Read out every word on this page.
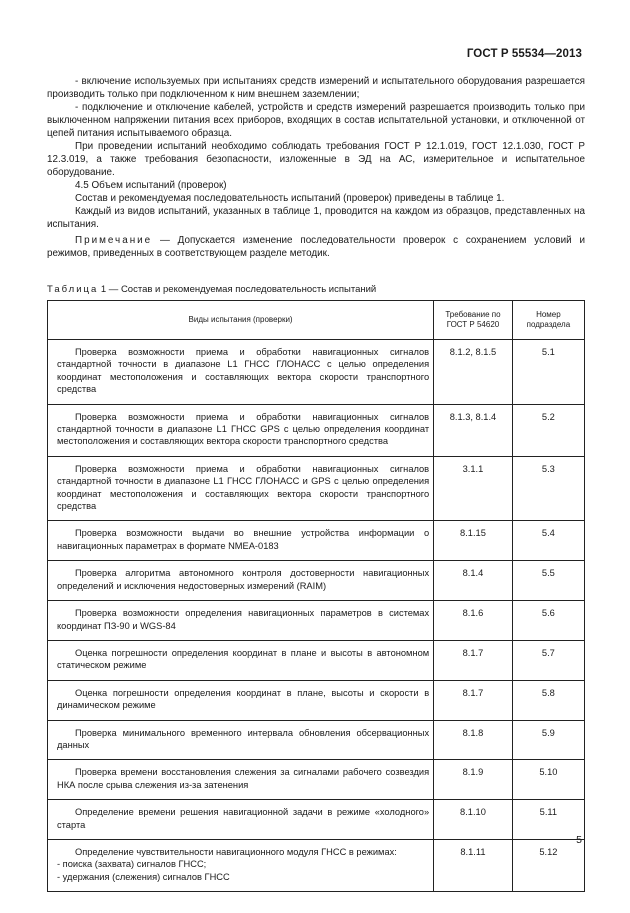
ГОСТ Р 55534—2013

- включение используемых при испытаниях средств измерений и испытательного оборудования разрешается производить только при подключенном к ним внешнем заземлении;

- подключение и отключение кабелей, устройств и средств измерений разрешается производить только при выключенном напряжении питания всех приборов, входящих в состав испытательной установки, и отключенной от цепей питания испытываемого образца.

При проведении испытаний необходимо соблюдать требования ГОСТ Р 12.1.019, ГОСТ 12.1.030, ГОСТ Р 12.3.019, а также требования безопасности, изложенные в ЭД на АС, измерительное и испытательное оборудование.

4.5 Объем испытаний (проверок)

Состав и рекомендуемая последовательность испытаний (проверок) приведены в таблице 1.

Каждый из видов испытаний, указанных в таблице 1, проводится на каждом из образцов, представленных на испытания.

Примечание — Допускается изменение последовательности проверок с сохранением условий и режимов, приведенных в соответствующем разделе методик.

Таблица 1 — Состав и рекомендуемая последовательность испытаний
Виды испытания (проверки)	Требование по ГОСТ Р 54620	Номер подраздела

Проверка возможности приема и обработки навигационных сигналов стандартной точности в диапазоне L1 ГНСС ГЛОНАСС с целью определения координат местоположения и составляющих вектора скорости транспортного средства	8.1.2, 8.1.5	5.1

Проверка возможности приема и обработки навигационных сигналов стандартной точности в диапазоне L1 ГНСС GPS с целью определения координат местоположения и составляющих вектора скорости транспортного средства	8.1.3, 8.1.4	5.2

Проверка возможности приема и обработки навигационных сигналов стандартной точности в диапазоне L1 ГНСС ГЛОНАСС и GPS с целью определения координат местоположения и составляющих вектора скорости транспортного средства	3.1.1	5.3

Проверка возможности выдачи во внешние устройства информации о навигационных параметрах в формате NMEA-0183	8.1.15	5.4

Проверка алгоритма автономного контроля достоверности навигационных определений и исключения недостоверных измерений (RAIM)	8.1.4	5.5

Проверка возможности определения навигационных параметров в системах координат ПЗ-90 и WGS-84	8.1.6	5.6

Оценка погрешности определения координат в плане и высоты в автономном статическом режиме	8.1.7	5.7

Оценка погрешности определения координат в плане, высоты и скорости в динамическом режиме	8.1.7	5.8

Проверка минимального временного интервала обновления обсервационных данных	8.1.8	5.9

Проверка времени восстановления слежения за сигналами рабочего созвездия НКА после срыва слежения из-за затенения	8.1.9	5.10

Определение времени решения навигационной задачи в режиме «холодного» старта	8.1.10	5.11

Определение чувствительности навигационного модуля ГНСС в режимах:
- поиска (захвата) сигналов ГНСС;
- удержания (слежения) сигналов ГНСС	8.1.11	5.12
5
